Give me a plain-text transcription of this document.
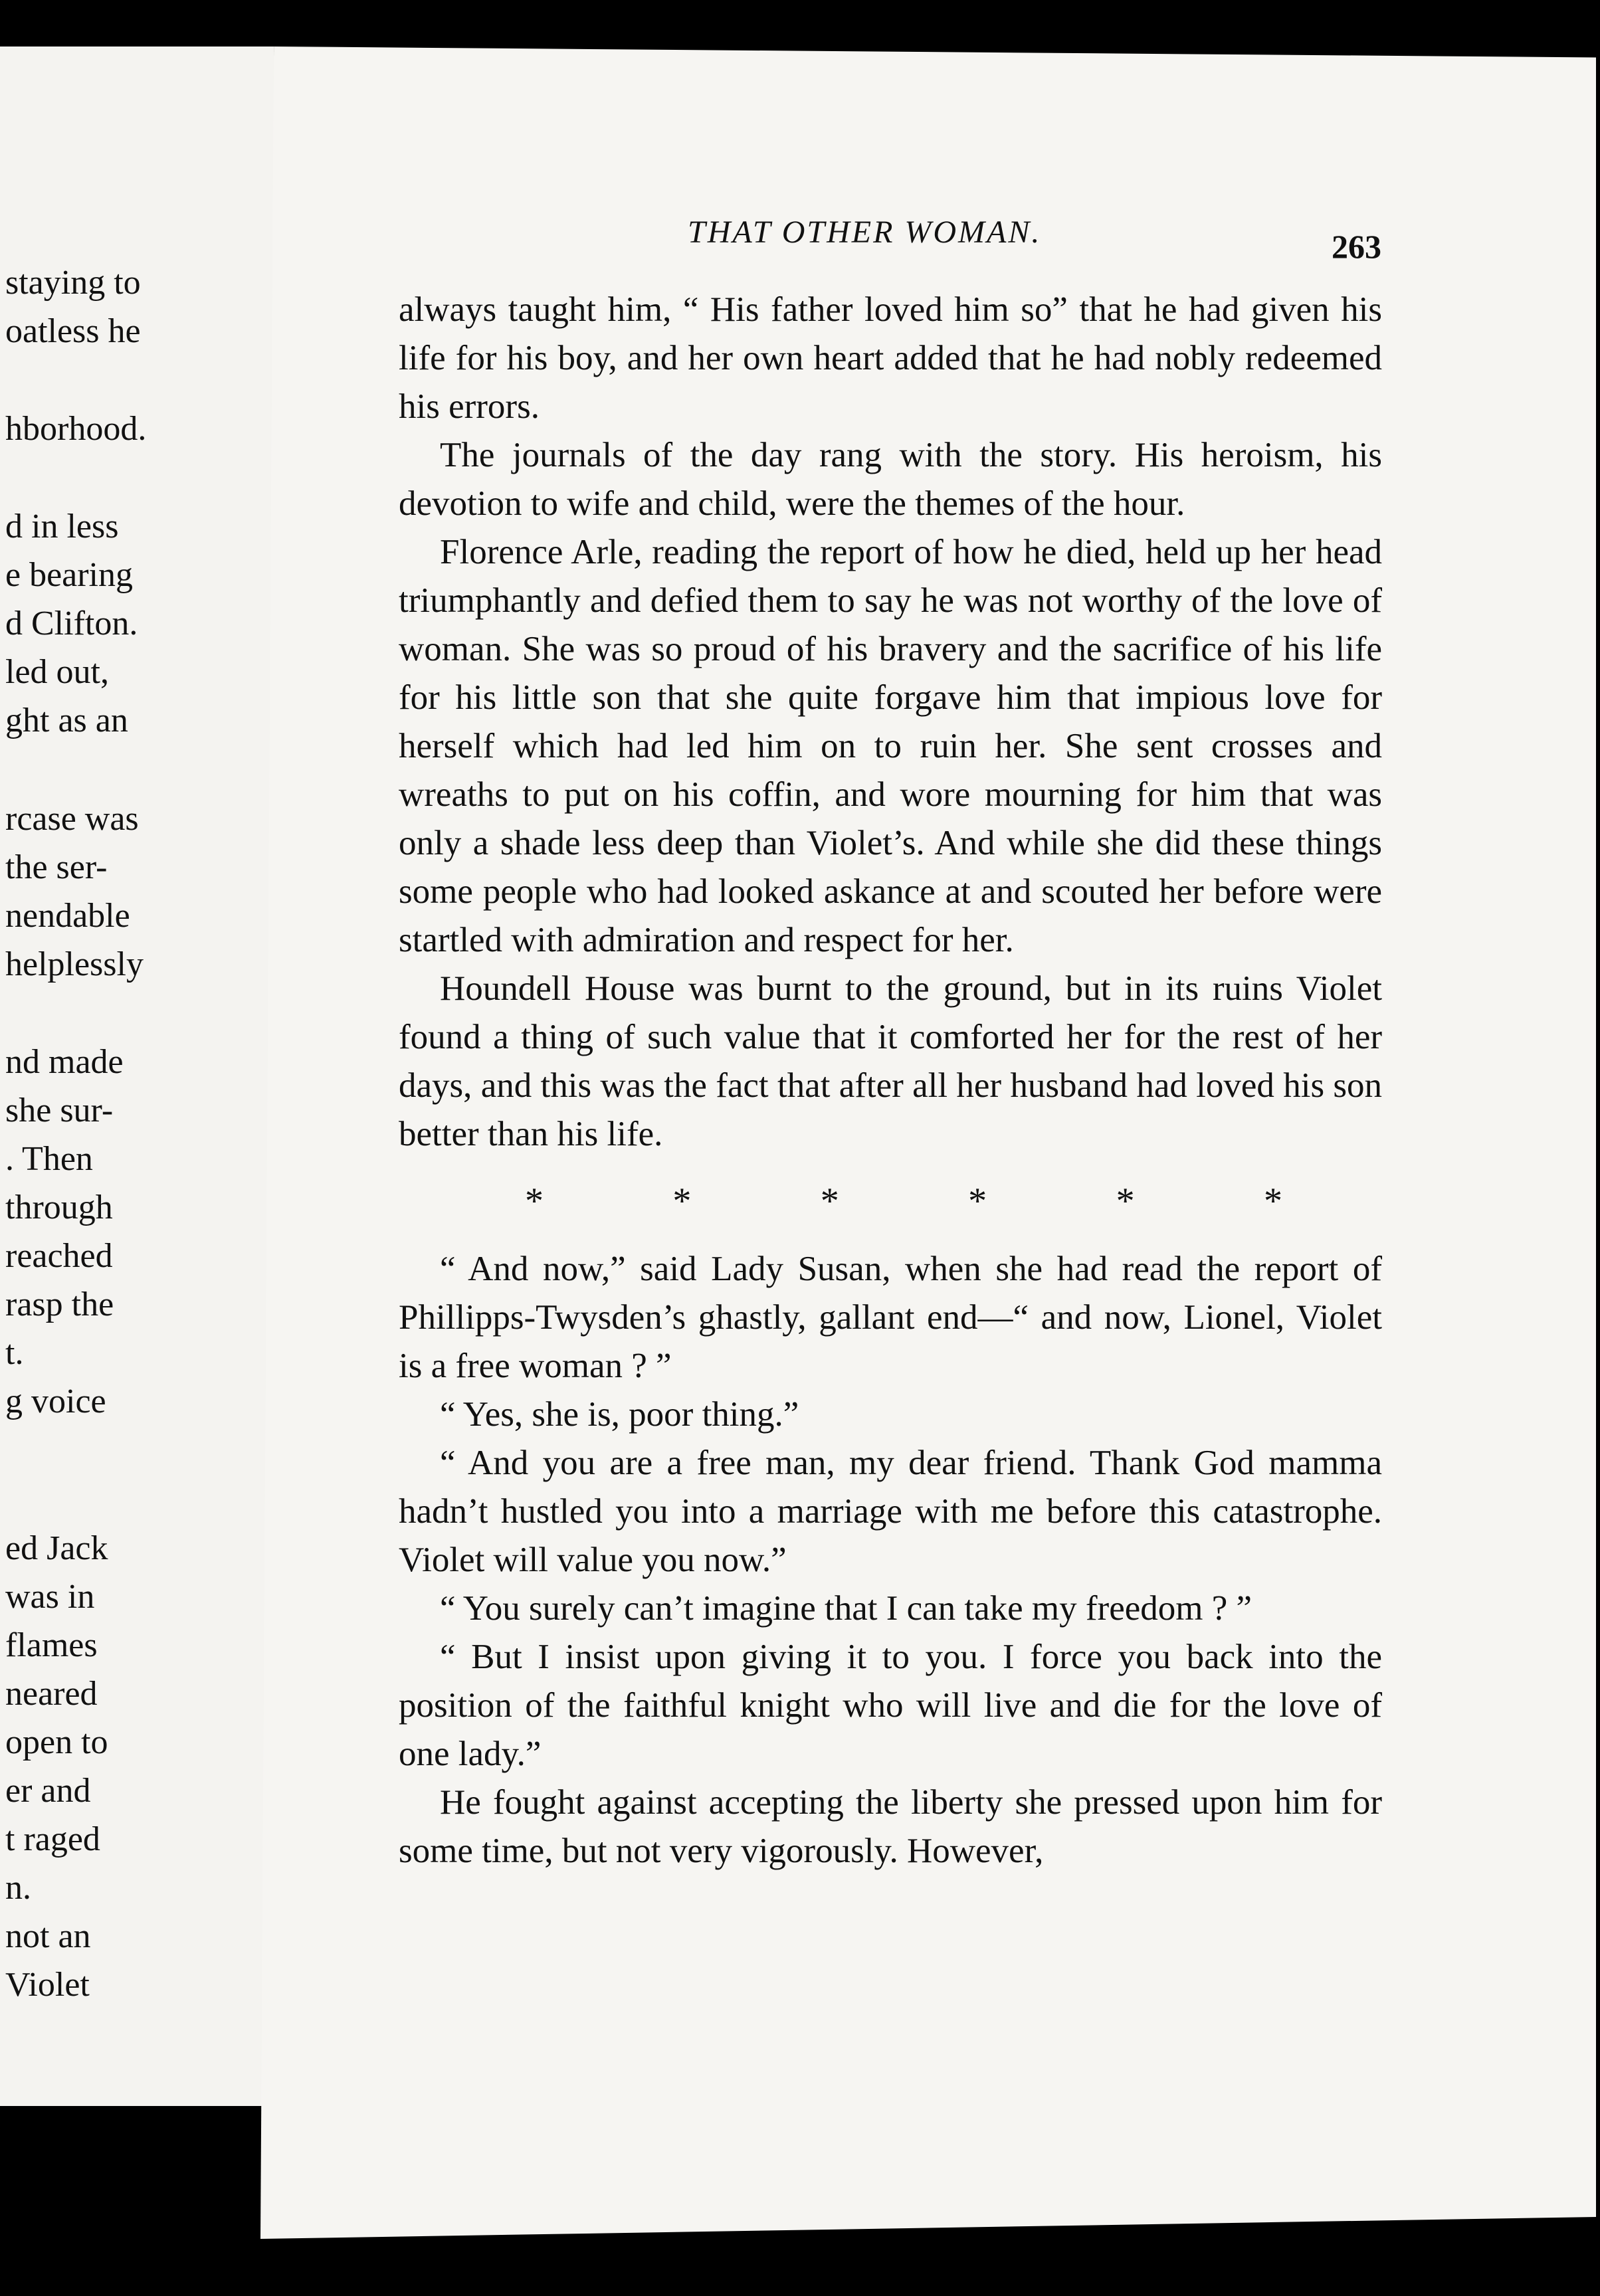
staying to
oatless he
hborhood.
d in less
e bearing
d Clifton.
led out,
ght as an
rcase was
the ser-
nendable
helplessly
nd made
she sur-
. Then
through
reached
rasp the
t.
g voice
ed Jack
was in
flames
neared
open to
er and
t raged
n.
not an
Violet
THAT OTHER WOMAN.	263

always taught him, “ His father loved him so” that he had given his life for his boy, and her own heart added that he had nobly redeemed his errors.

The journals of the day rang with the story. His heroism, his devotion to wife and child, were the themes of the hour.

Florence Arle, reading the report of how he died, held up her head triumphantly and defied them to say he was not worthy of the love of woman. She was so proud of his bravery and the sacrifice of his life for his little son that she quite forgave him that impious love for herself which had led him on to ruin her. She sent crosses and wreaths to put on his coffin, and wore mourning for him that was only a shade less deep than Violet’s. And while she did these things some people who had looked askance at and scouted her before were startled with admiration and respect for her.

Houndell House was burnt to the ground, but in its ruins Violet found a thing of such value that it comforted her for the rest of her days, and this was the fact that after all her husband had loved his son better than his life.

*	*	*	*	*	*

“ And now,” said Lady Susan, when she had read the report of Phillipps-Twysden’s ghastly, gallant end—“ and now, Lionel, Violet is a free woman ? ”

“ Yes, she is, poor thing.”

“ And you are a free man, my dear friend. Thank God mamma hadn’t hustled you into a marriage with me before this catastrophe. Violet will value you now.”

“ You surely can’t imagine that I can take my freedom ? ”

“ But I insist upon giving it to you. I force you back into the position of the faithful knight who will live and die for the love of one lady.”

He fought against accepting the liberty she pressed upon him for some time, but not very vigorously. However,
